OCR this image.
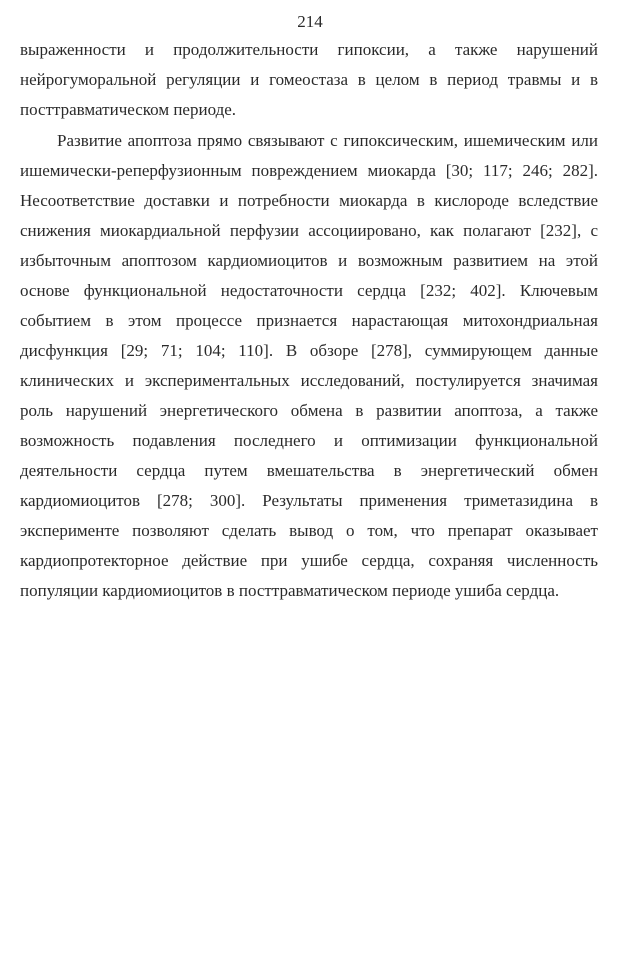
214
выраженности и продолжительности гипоксии, а также нарушений
нейрогуморальной регуляции и гомеостаза в целом в период травмы и в
посттравматическом периоде.
Развитие апоптоза прямо связывают с гипоксическим, ишемическим или
ишемически-реперфузионным повреждением миокарда [30; 117; 246; 282].
Несоответствие доставки и потребности миокарда в кислороде вследствие
снижения миокардиальной перфузии ассоциировано, как полагают [232], с
избыточным апоптозом кардиомиоцитов и возможным развитием на этой
основе функциональной недостаточности сердца [232; 402]. Ключевым
событием в этом процессе признается нарастающая митохондриальная
дисфункция [29; 71; 104; 110]. В обзоре [278], суммирующем данные
клинических и экспериментальных исследований, постулируется значимая
роль нарушений энергетического обмена в развитии апоптоза, а также
возможность подавления последнего и оптимизации функциональной
деятельности сердца путем вмешательства в энергетический обмен
кардиомиоцитов [278; 300]. Результаты применения триметазидина в
эксперименте позволяют сделать вывод о том, что препарат оказывает
кардиопротекторное действие при ушибе сердца, сохраняя численность
популяции кардиомиоцитов в посттравматическом периоде ушиба сердца.
